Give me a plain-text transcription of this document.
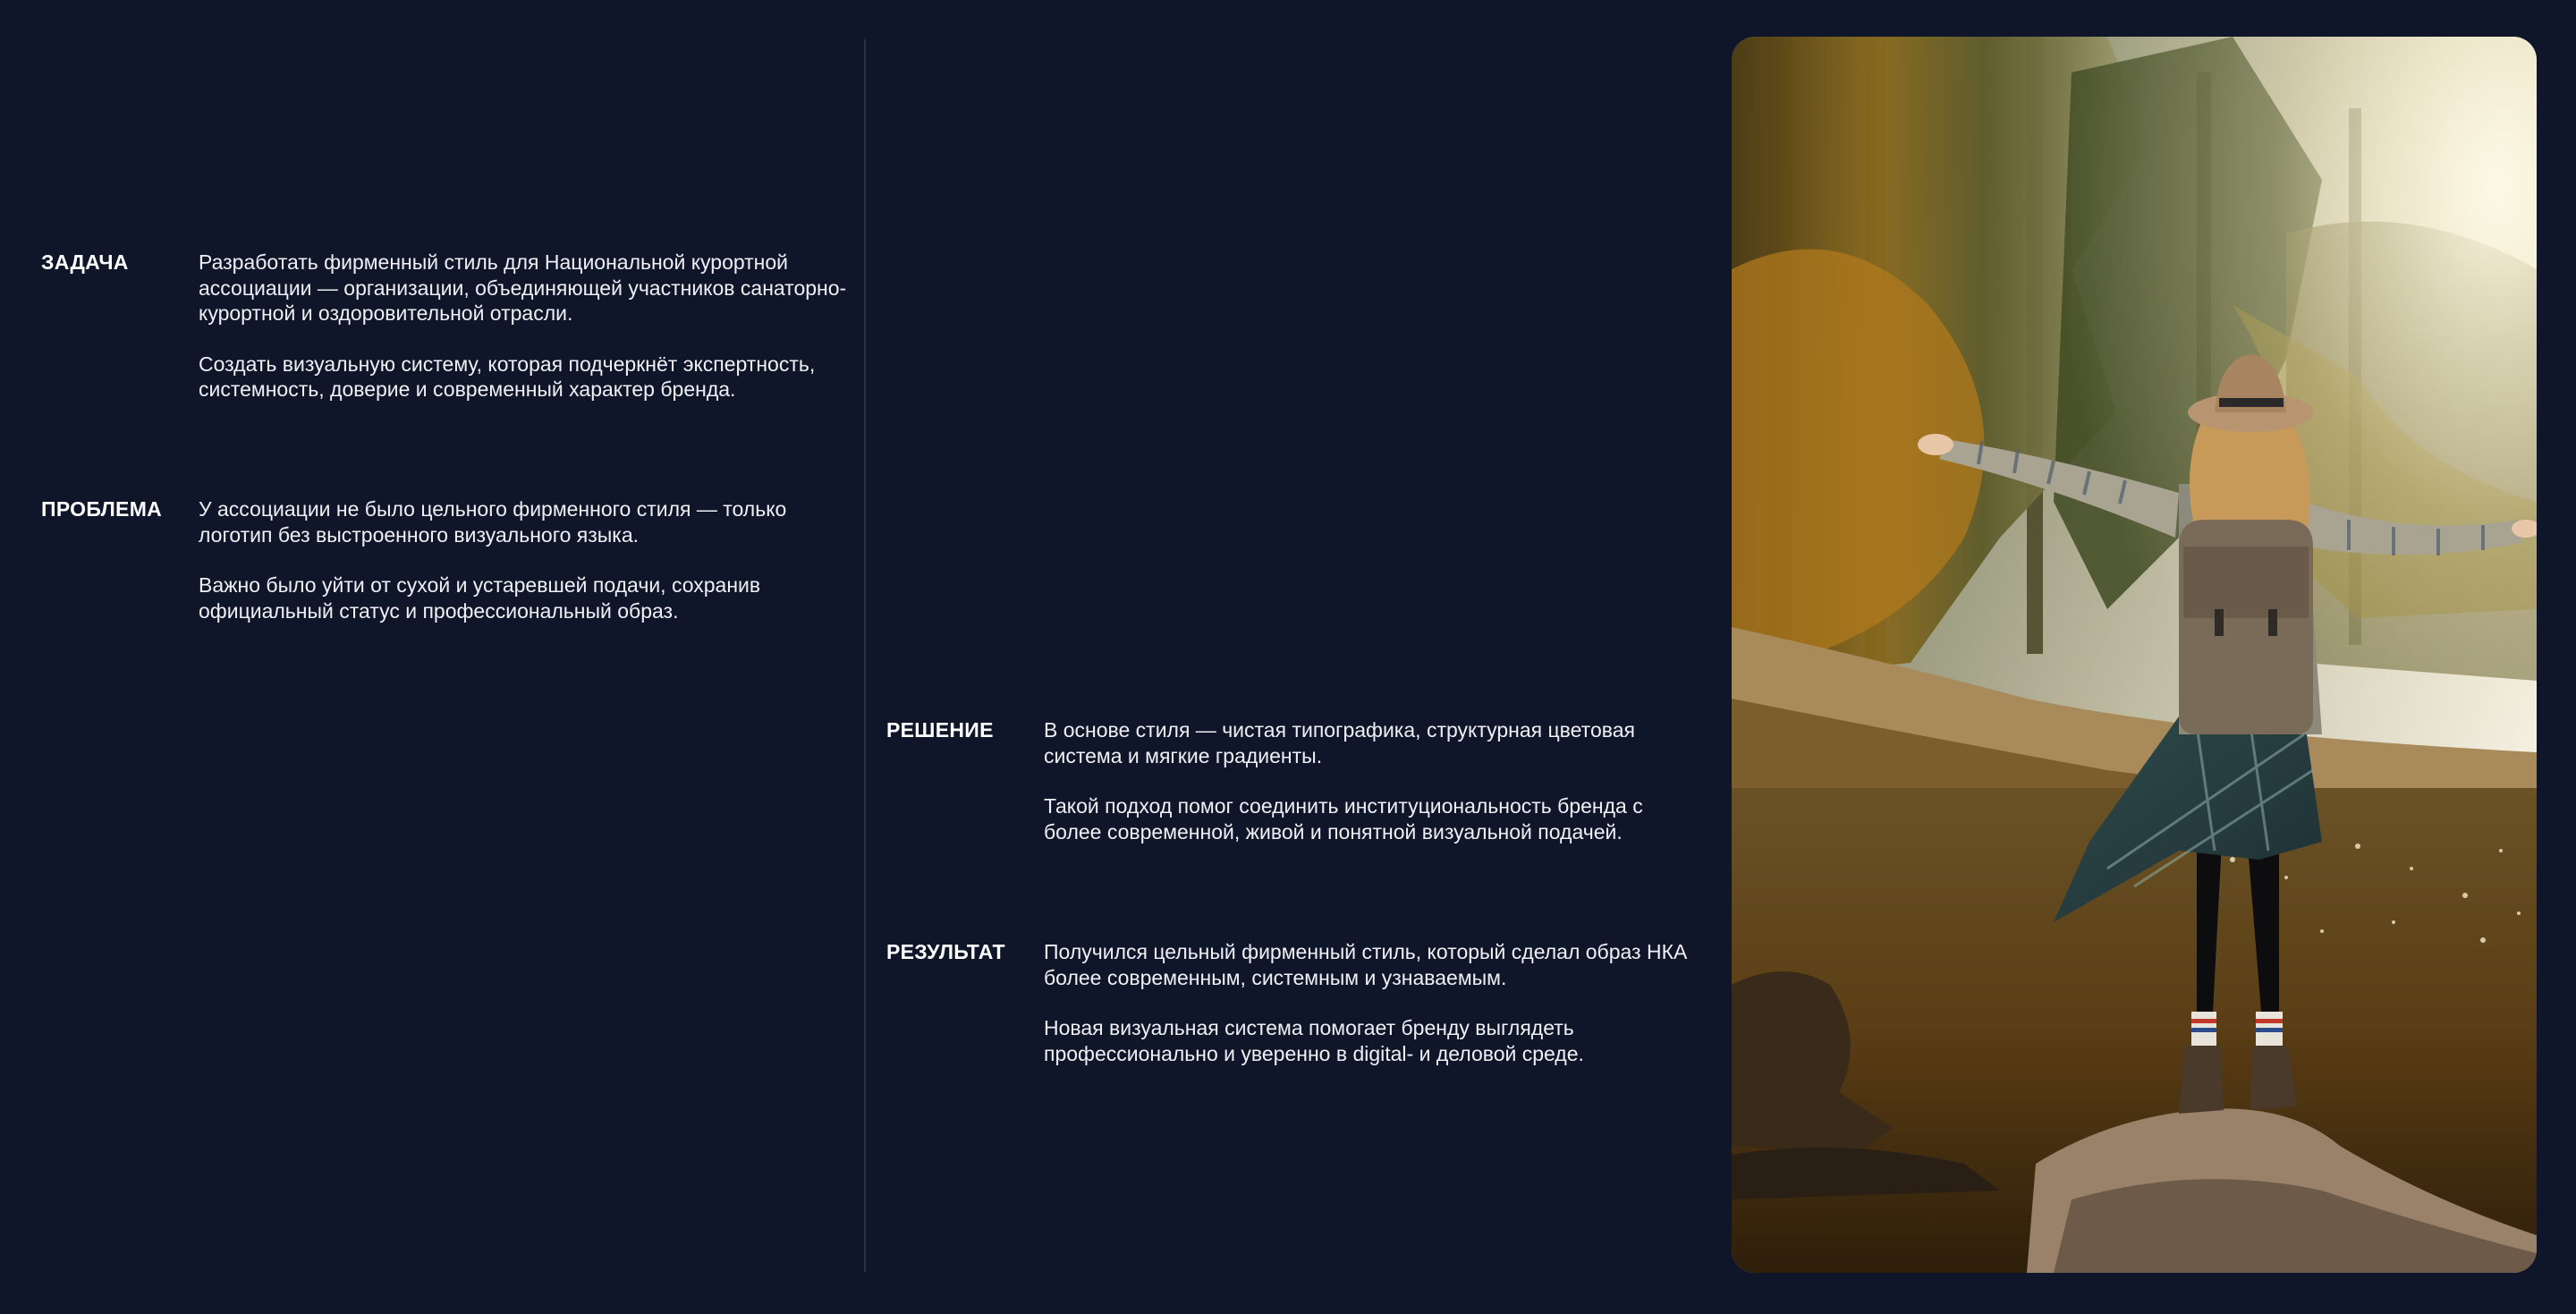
ЗАДАЧА	Разработать фирменный стиль для Национальной курортной ассоциации — организации, объединяющей участников санаторно-курортной и оздоровительной отрасли.

Создать визуальную систему, которая подчеркнёт экспертность, системность, доверие и современный характер бренда.

ПРОБЛЕМА У ассоциации не было цельного фирменного стиля — только логотип без выстроенного визуального языка.

Важно было уйти от сухой и устаревшей подачи, сохранив официальный статус и профессиональный образ.

РЕШЕНИЕ В основе стиля — чистая типографика, структурная цветовая система и мягкие градиенты.

Такой подход помог соединить институциональность бренда с более современной, живой и понятной визуальной подачей.

РЕЗУЛЬТАТ Получился цельный фирменный стиль, который сделал образ НКА более современным, системным и узнаваемым.

Новая визуальная система помогает бренду выглядеть профессионально и уверенно в digital- и деловой среде.
